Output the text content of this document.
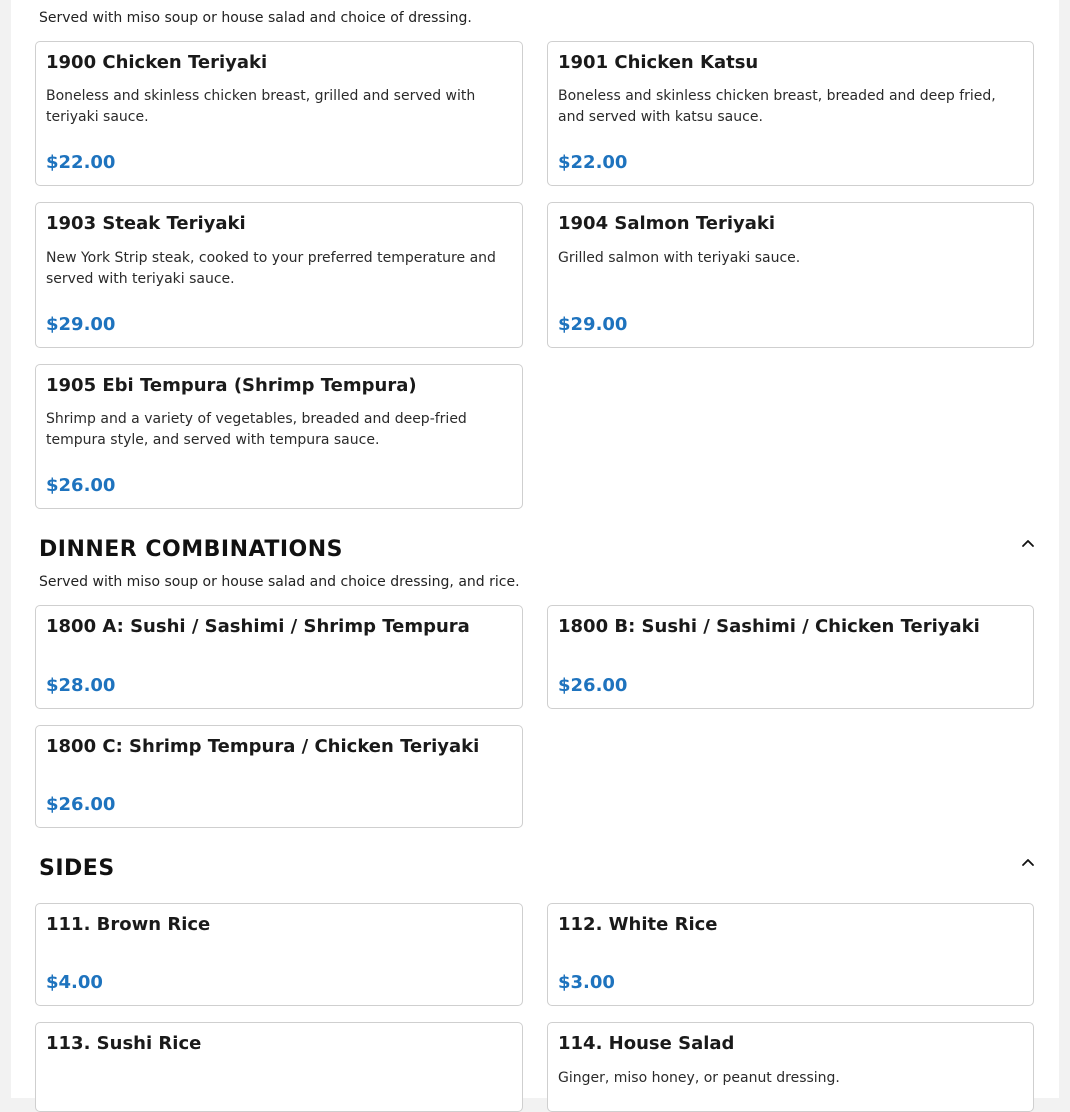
Served with miso soup or house salad and choice of dressing.
1900 Chicken Teriyaki
Boneless and skinless chicken breast, grilled and served with teriyaki sauce.
$22.00
1901 Chicken Katsu
Boneless and skinless chicken breast, breaded and deep fried, and served with katsu sauce.
$22.00
1903 Steak Teriyaki
New York Strip steak, cooked to your preferred temperature and served with teriyaki sauce.
$29.00
1904 Salmon Teriyaki
Grilled salmon with teriyaki sauce.
$29.00
1905 Ebi Tempura (Shrimp Tempura)
Shrimp and a variety of vegetables, breaded and deep-fried tempura style, and served with tempura sauce.
$26.00
DINNER COMBINATIONS
Served with miso soup or house salad and choice dressing, and rice.
1800 A: Sushi / Sashimi / Shrimp Tempura
$28.00
1800 B: Sushi / Sashimi / Chicken Teriyaki
$26.00
1800 C: Shrimp Tempura / Chicken Teriyaki
$26.00
SIDES
111. Brown Rice
$4.00
112. White Rice
$3.00
113. Sushi Rice	114. House Salad
Ginger, miso honey, or peanut dressing.
